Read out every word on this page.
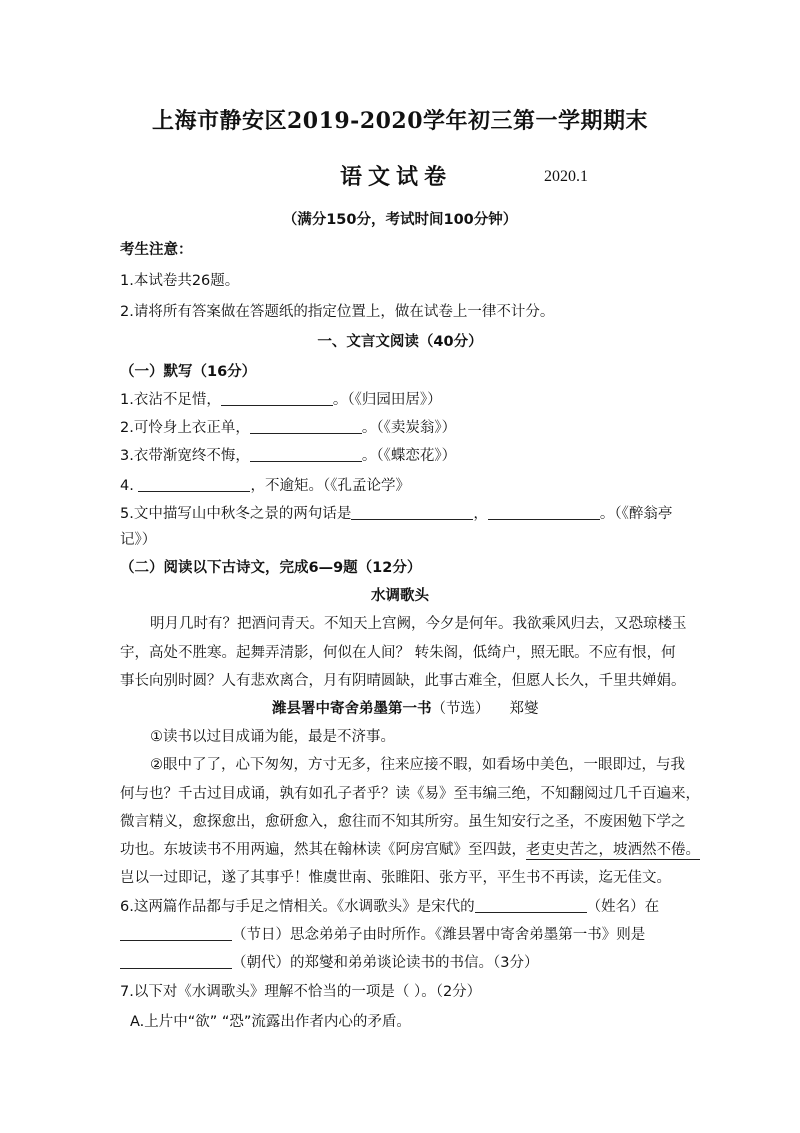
上海市静安区2019-2020学年初三第一学期期末
语文试卷	2020.1
（满分150分，考试时间100分钟）
考生注意：
1.本试卷共26题。
2.请将所有答案做在答题纸的指定位置上，做在试卷上一律不计分。
一、文言文阅读（40分）
（一）默写（16分）
1.衣沾不足惜，	。（《归园田居》）
2.可怜身上衣正单，	。（《卖炭翁》）
3.衣带渐宽终不悔，	。（《蝶恋花》）
4.	，不逾矩。（《孔孟论学》
5.文中描写山中秋冬之景的两句话是	，	。（《醉翁亭
记》）
（二）阅读以下古诗文，完成6—9题（12分）
水调歌头
明月几时有？把酒问青天。不知天上宫阙，今夕是何年。我欲乘风归去，又恐琼楼玉
宇，高处不胜寒。起舞弄清影，何似在人间？ 转朱阁，低绮户，照无眠。不应有恨，何
事长向别时圆？人有悲欢离合，月有阴晴圆缺，此事古难全，但愿人长久，千里共婵娟。
潍县署中寄舍弟墨第一书（节选） 郑燮
①读书以过目成诵为能，最是不济事。
②眼中了了，心下匆匆，方寸无多，往来应接不暇，如看场中美色，一眼即过，与我
何与也？千古过目成诵，孰有如孔子者乎？读《易》至韦编三绝，不知翻阅过几千百遍来，
微言精义，愈探愈出，愈研愈入，愈往而不知其所穷。虽生知安行之圣，不废困勉下学之
功也。东坡读书不用两遍，然其在翰林读《阿房宫赋》至四鼓，老吏史苦之，坡洒然不倦。
岂以一过即记，遂了其事乎！惟虞世南、张睢阳、张方平，平生书不再读，迄无佳文。
6.这两篇作品都与手足之情相关。《水调歌头》是宋代的	（姓名）在
（节日）思念弟弟子由时所作。《潍县署中寄舍弟墨第一书》则是
（朝代）的郑燮和弟弟谈论读书的书信。（3分）
7.以下对《水调歌头》理解不恰当的一项是（ ）。（2分）
A.上片中“欲” “恐”流露出作者内心的矛盾。
